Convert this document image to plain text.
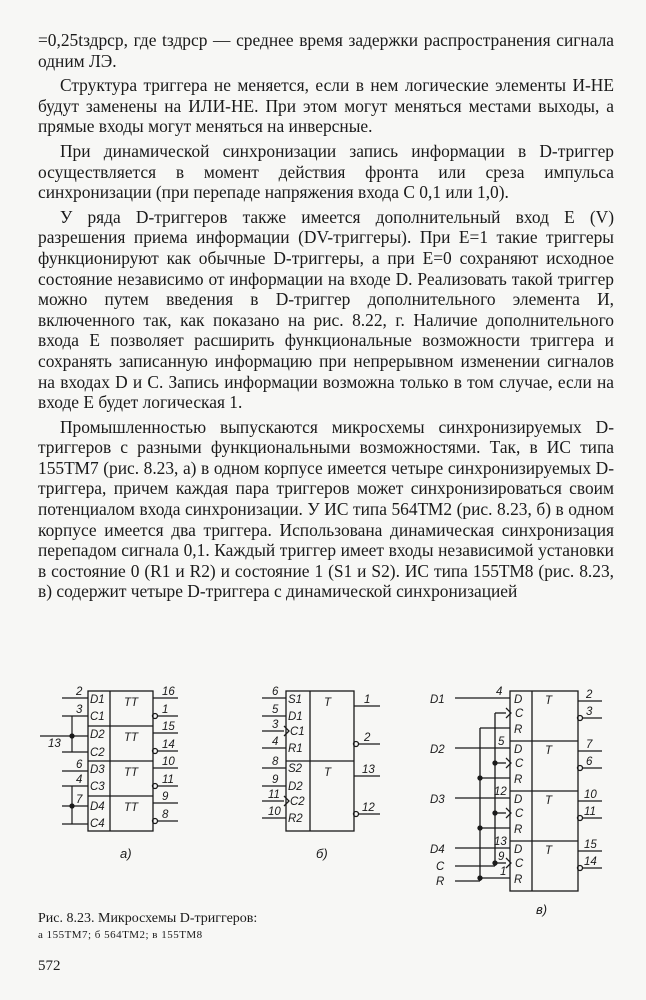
=0,25tздрср, где tздрср — среднее время задержки распространения сигнала одним ЛЭ.

Структура триггера не меняется, если в нем логические элементы И-НЕ будут заменены на ИЛИ-НЕ. При этом могут меняться местами выходы, а прямые входы могут меняться на инверсные.

При динамической синхронизации запись информации в D-триггер осуществляется в момент действия фронта или среза импульса синхронизации (при перепаде напряжения входа C 0,1 или 1,0).

У ряда D-триггеров также имеется дополнительный вход E (V) разрешения приема информации (DV-триггеры). При E=1 такие триггеры функционируют как обычные D-триггеры, а при E=0 сохраняют исходное состояние независимо от информации на входе D. Реализовать такой триггер можно путем введения в D-триггер дополнительного элемента И, включенного так, как показано на рис. 8.22, г. Наличие дополнительного входа E позволяет расширить функциональные возможности триггера и сохранять записанную информацию при непрерывном изменении сигналов на входах D и C. Запись информации возможна только в том случае, если на входе E будет логическая 1.

Промышленностью выпускаются микросхемы синхронизируемых D-триггеров с разными функциональными возможностями. Так, в ИС типа 155ТМ7 (рис. 8.23, а) в одном корпусе имеется четыре синхронизируемых D-триггера, причем каждая пара триггеров может синхронизироваться своим потенциалом входа синхронизации. У ИС типа 564ТМ2 (рис. 8.23, б) в одном корпусе имеется два триггера. Использована динамическая синхронизация перепадом сигнала 0,1. Каждый триггер имеет входы независимой установки в состояние 0 (R1 и R2) и состояние 1 (S1 и S2). ИС типа 155ТМ8 (рис. 8.23, в) содержит четыре D-триггера с динамической синхронизацией

D1
C1
D2
C2
D3
C3
D4
C4
TT
TT
TT
TT
2
3
13
6
4
7
16
1
15
14
10
11
9
8
а)
S1
D1
C1
R1
S2
D2
C2
R2
T
T
6
5
3
4
8
9
11
10
1
2
13
12
б)
D1
D2
D3
D4
C
R
D
C
R
D
C
R
D
C
R
D
C
R
T
T
T
T
4
5
12
13
9
1
2
3
7
6
10
11
15
14
в)
Рис. 8.23. Микросхемы D-триггеров:
а 155ТМ7; б 564ТМ2; в 155ТМ8
572
